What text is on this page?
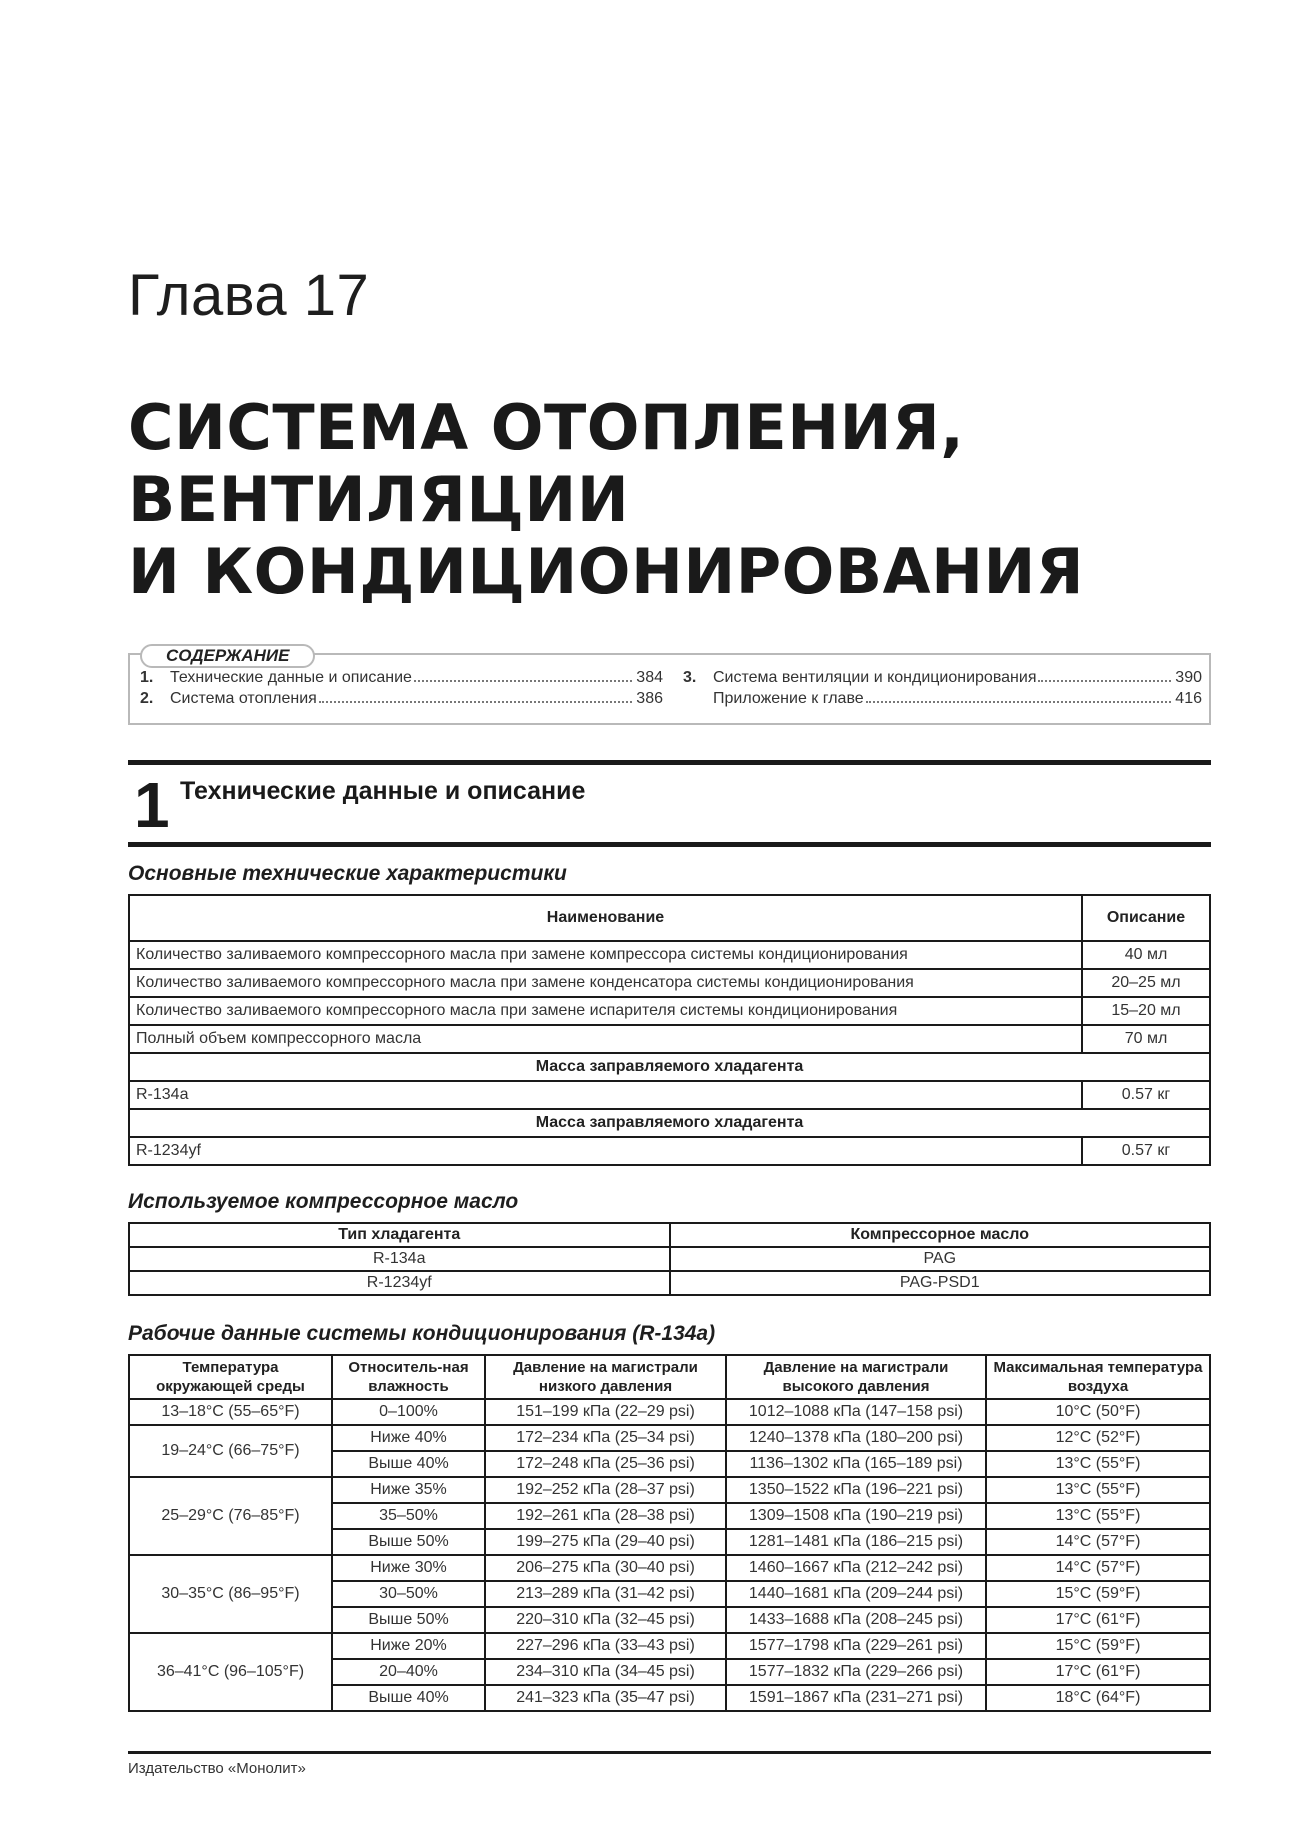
Глава 17
СИСТЕМА ОТОПЛЕНИЯ,
ВЕНТИЛЯЦИИ
И КОНДИЦИОНИРОВАНИЯ
СОДЕРЖАНИЕ
1.	Технические данные и описание	384
2.	Система отопления	386
3.	Система вентиляции и кондиционирования	390
Приложение к главе	416
1 Технические данные и описание
Основные технические характеристики
Наименование	Описание
Количество заливаемого компрессорного масла при замене компрессора системы кондиционирования	40 мл
Количество заливаемого компрессорного масла при замене конденсатора системы кондиционирования	20–25 мл
Количество заливаемого компрессорного масла при замене испарителя системы кондиционирования	15–20 мл
Полный объем компрессорного масла	70 мл
Масса заправляемого хладагента	
R-134a	0.57 кг
Масса заправляемого хладагента	
R-1234yf	0.57 кг
Используемое компрессорное масло
Тип хладагента	Компрессорное масло
R-134a	PAG
R-1234yf	PAG-PSD1
Рабочие данные системы кондиционирования (R-134a)
Температура окружающей среды	Относитель-ная влажность	Давление на магистрали низкого давления	Давление на магистрали высокого давления	Максимальная температура воздуха
13–18°C (55–65°F)	0–100%	151–199 кПа (22–29 psi)	1012–1088 кПа (147–158 psi)	10°C (50°F)
19–24°C (66–75°F)	Ниже 40%	172–234 кПа (25–34 psi)	1240–1378 кПа (180–200 psi)	12°C (52°F)
	Выше 40%	172–248 кПа (25–36 psi)	1136–1302 кПа (165–189 psi)	13°C (55°F)
25–29°C (76–85°F)	Ниже 35%	192–252 кПа (28–37 psi)	1350–1522 кПа (196–221 psi)	13°C (55°F)
	35–50%	192–261 кПа (28–38 psi)	1309–1508 кПа (190–219 psi)	13°C (55°F)
	Выше 50%	199–275 кПа (29–40 psi)	1281–1481 кПа (186–215 psi)	14°C (57°F)
30–35°C (86–95°F)	Ниже 30%	206–275 кПа (30–40 psi)	1460–1667 кПа (212–242 psi)	14°C (57°F)
	30–50%	213–289 кПа (31–42 psi)	1440–1681 кПа (209–244 psi)	15°C (59°F)
	Выше 50%	220–310 кПа (32–45 psi)	1433–1688 кПа (208–245 psi)	17°C (61°F)
36–41°C (96–105°F)	Ниже 20%	227–296 кПа (33–43 psi)	1577–1798 кПа (229–261 psi)	15°C (59°F)
	20–40%	234–310 кПа (34–45 psi)	1577–1832 кПа (229–266 psi)	17°C (61°F)
	Выше 40%	241–323 кПа (35–47 psi)	1591–1867 кПа (231–271 psi)	18°C (64°F)
Издательство «Монолит»
